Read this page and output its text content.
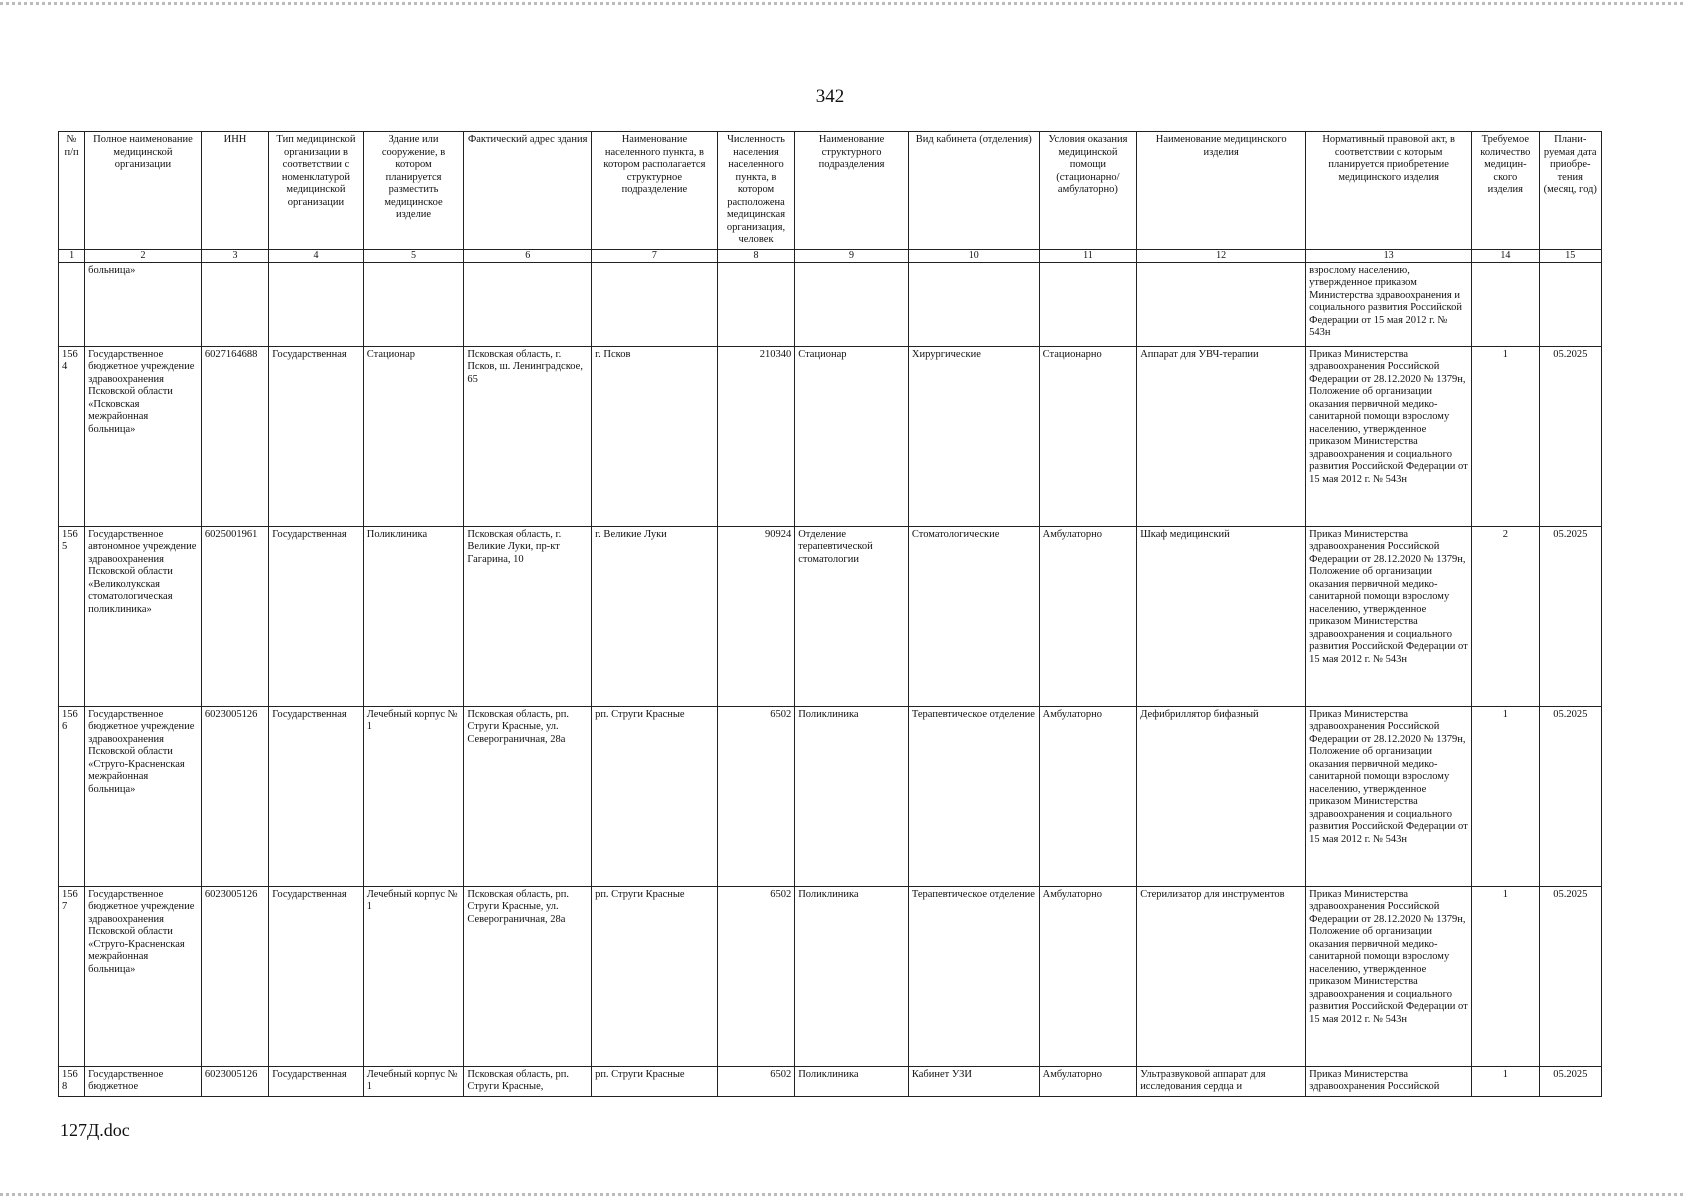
342
№ п/п	Полное наименование медицинской организации	ИНН	Тип медицинской организации в соответствии с номенклатурой медицинской организации	Здание или сооружение, в котором планируется разместить медицинское изделие	Фактический адрес здания	Наименование населенного пункта, в котором располагается структурное подразделение	Численность населения населенного пункта, в котором расположена медицинская организация, человек	Наименование структурного подразделения	Вид кабинета (отделения)	Условия оказания медицинской помощи (стационарно/ амбулаторно)	Наименование медицинского изделия	Нормативный правовой акт, в соответствии с которым планируется приобретение медицинского изделия	Требуемое количество медицин- ского изделия	Плани- руемая дата приобре- тения (месяц, год)
1	2	3	4	5	6	7	8	9	10	11	12	13	14	15
	больница»											взрослому населению, утвержденное приказом Министерства здравоохранения и социального развития Российской Федерации от 15 мая 2012 г. № 543н		
1564	Государственное бюджетное учреждение здравоохранения Псковской области «Псковская межрайонная больница»	6027164688	Государственная	Стационар	Псковская область, г. Псков, ш. Ленинградское, 65	г. Псков	210340	Стационар	Хирургические	Стационарно	Аппарат для УВЧ-терапии	Приказ Министерства здравоохранения Российской Федерации от 28.12.2020 № 1379н, Положение об организации оказания первичной медико-санитарной помощи взрослому населению, утвержденное приказом Министерства здравоохранения и социального развития Российской Федерации от 15 мая 2012 г. № 543н	1	05.2025
1565	Государственное автономное учреждение здравоохранения Псковской области «Великолукская стоматологическая поликлиника»	6025001961	Государственная	Поликлиника	Псковская область, г. Великие Луки, пр-кт Гагарина, 10	г. Великие Луки	90924	Отделение терапевтической стоматологии	Стоматологические	Амбулаторно	Шкаф медицинский	Приказ Министерства здравоохранения Российской Федерации от 28.12.2020 № 1379н, Положение об организации оказания первичной медико-санитарной помощи взрослому населению, утвержденное приказом Министерства здравоохранения и социального развития Российской Федерации от 15 мая 2012 г. № 543н	2	05.2025
1566	Государственное бюджетное учреждение здравоохранения Псковской области «Струго-Красненская межрайонная больница»	6023005126	Государственная	Лечебный корпус № 1	Псковская область, рп. Струги Красные, ул. Северограничная, 28а	рп. Струги Красные	6502	Поликлиника	Терапевтическое отделение	Амбулаторно	Дефибриллятор бифазный	Приказ Министерства здравоохранения Российской Федерации от 28.12.2020 № 1379н, Положение об организации оказания первичной медико-санитарной помощи взрослому населению, утвержденное приказом Министерства здравоохранения и социального развития Российской Федерации от 15 мая 2012 г. № 543н	1	05.2025
1567	Государственное бюджетное учреждение здравоохранения Псковской области «Струго-Красненская межрайонная больница»	6023005126	Государственная	Лечебный корпус № 1	Псковская область, рп. Струги Красные, ул. Северограничная, 28а	рп. Струги Красные	6502	Поликлиника	Терапевтическое отделение	Амбулаторно	Стерилизатор для инструментов	Приказ Министерства здравоохранения Российской Федерации от 28.12.2020 № 1379н, Положение об организации оказания первичной медико-санитарной помощи взрослому населению, утвержденное приказом Министерства здравоохранения и социального развития Российской Федерации от 15 мая 2012 г. № 543н	1	05.2025
1568	Государственное бюджетное	6023005126	Государственная	Лечебный корпус № 1	Псковская область, рп. Струги Красные,	рп. Струги Красные	6502	Поликлиника	Кабинет УЗИ	Амбулаторно	Ультразвуковой аппарат для исследования сердца и	Приказ Министерства здравоохранения Российской	1	05.2025
127Д.doc
